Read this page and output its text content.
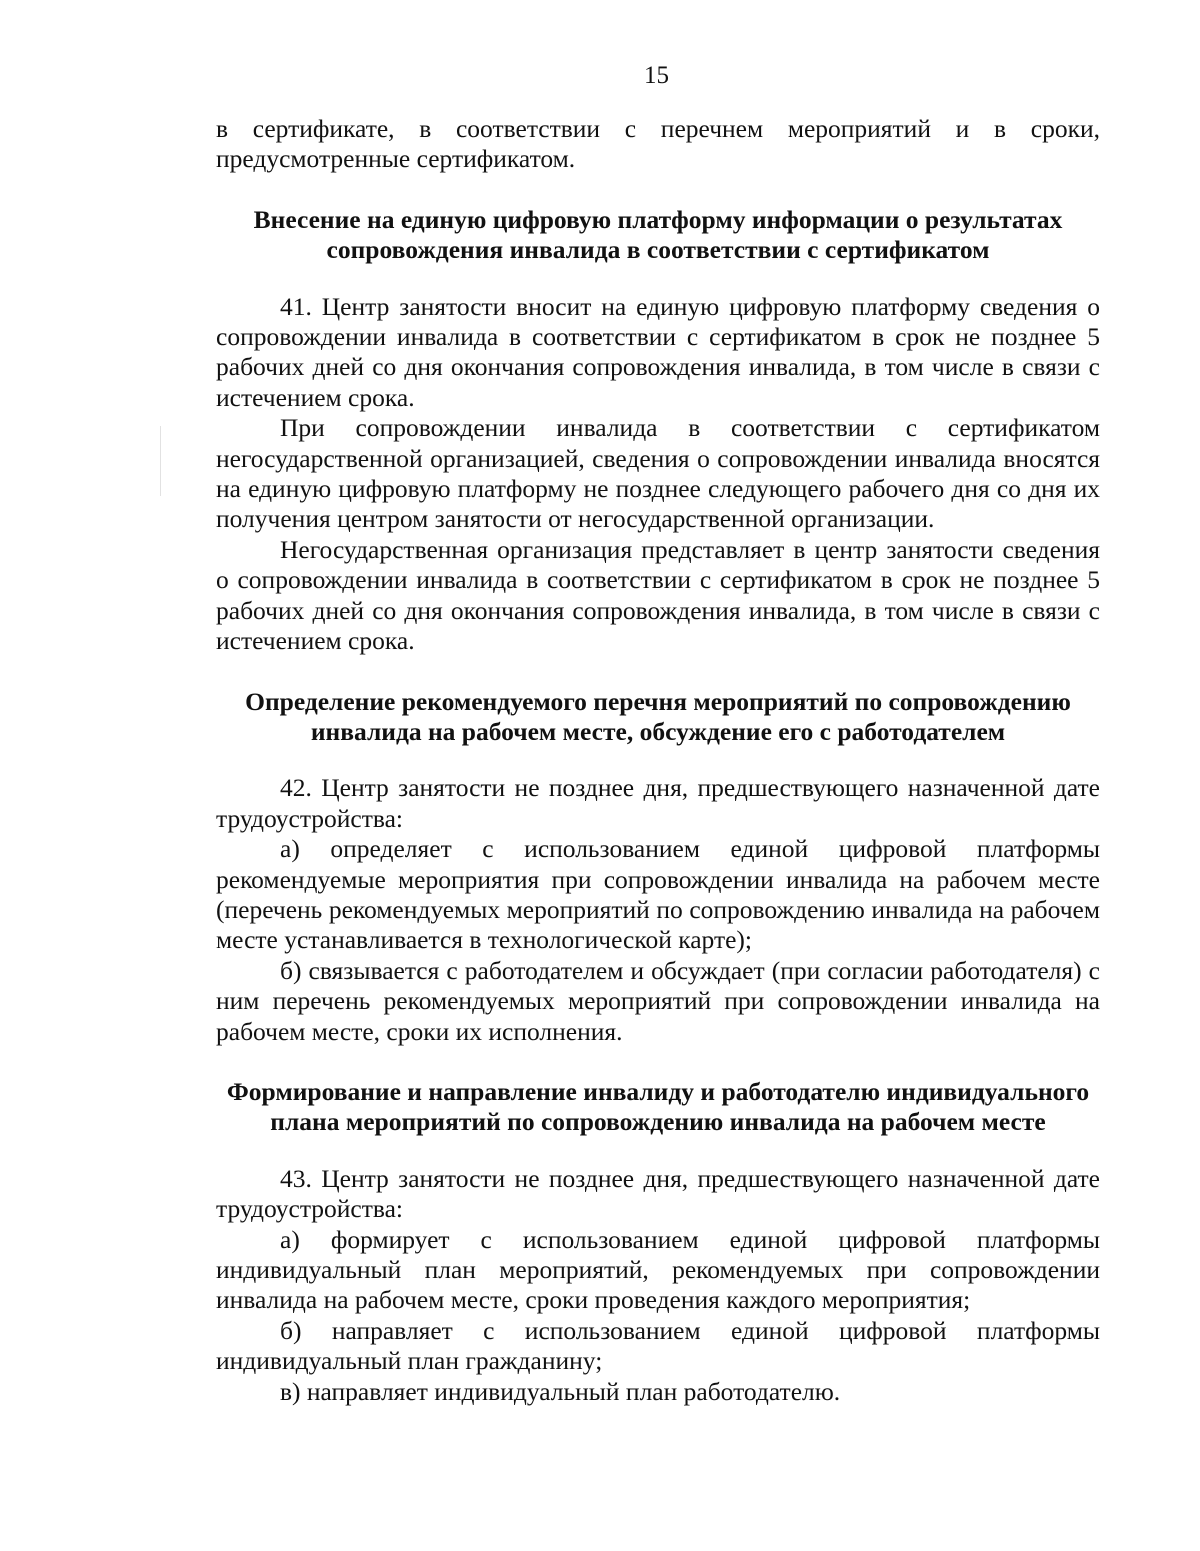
15

в сертификате, в соответствии с перечнем мероприятий и в сроки, предусмотренные сертификатом.

Внесение на единую цифровую платформу информации о результатах
сопровождения инвалида в соответствии с сертификатом

41. Центр занятости вносит на единую цифровую платформу сведения о сопровождении инвалида в соответствии с сертификатом в срок не позднее 5 рабочих дней со дня окончания сопровождения инвалида, в том числе в связи с истечением срока.

При сопровождении инвалида в соответствии с сертификатом негосударственной организацией, сведения о сопровождении инвалида вносятся на единую цифровую платформу не позднее следующего рабочего дня со дня их получения центром занятости от негосударственной организации.

Негосударственная организация представляет в центр занятости сведения о сопровождении инвалида в соответствии с сертификатом в срок не позднее 5 рабочих дней со дня окончания сопровождения инвалида, в том числе в связи с истечением срока.

Определение рекомендуемого перечня мероприятий по сопровождению
инвалида на рабочем месте, обсуждение его с работодателем

42. Центр занятости не позднее дня, предшествующего назначенной дате трудоустройства:

а) определяет с использованием единой цифровой платформы рекомендуемые мероприятия при сопровождении инвалида на рабочем месте (перечень рекомендуемых мероприятий по сопровождению инвалида на рабочем месте устанавливается в технологической карте);

б) связывается с работодателем и обсуждает (при согласии работодателя) с ним перечень рекомендуемых мероприятий при сопровождении инвалида на рабочем месте, сроки их исполнения.

Формирование и направление инвалиду и работодателю индивидуального
плана мероприятий по сопровождению инвалида на рабочем месте

43. Центр занятости не позднее дня, предшествующего назначенной дате трудоустройства:

а) формирует с использованием единой цифровой платформы индивидуальный план мероприятий, рекомендуемых при сопровождении инвалида на рабочем месте, сроки проведения каждого мероприятия;

б) направляет с использованием единой цифровой платформы индивидуальный план гражданину;

в) направляет индивидуальный план работодателю.
